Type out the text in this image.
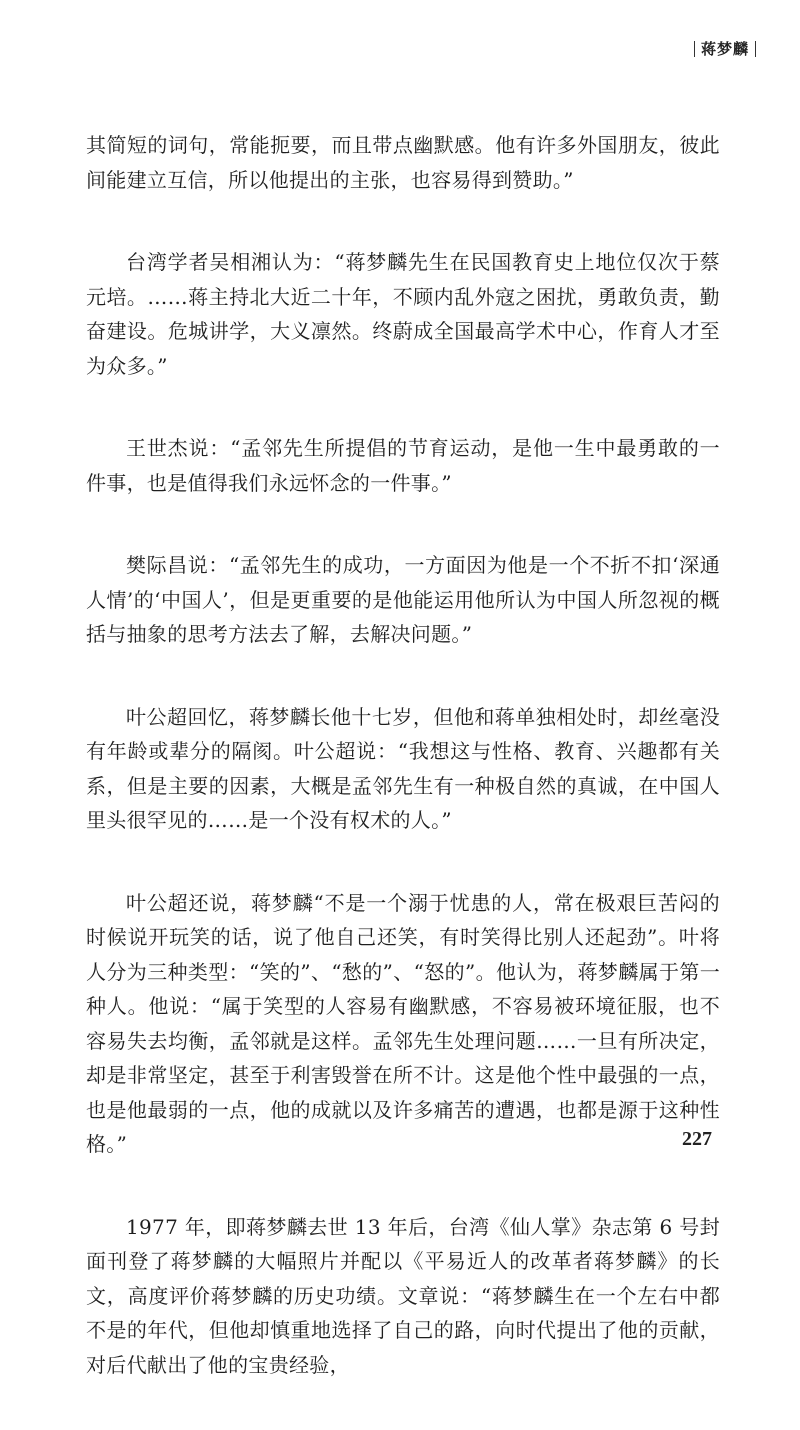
蒋梦麟

其简短的词句，常能扼要，而且带点幽默感。他有许多外国朋友，彼此间能建立互信，所以他提出的主张，也容易得到赞助。”

台湾学者吴相湘认为：“蒋梦麟先生在民国教育史上地位仅次于蔡元培。……蒋主持北大近二十年，不顾内乱外寇之困扰，勇敢负责，勤奋建设。危城讲学，大义凛然。终蔚成全国最高学术中心，作育人才至为众多。”

王世杰说：“孟邻先生所提倡的节育运动，是他一生中最勇敢的一件事，也是值得我们永远怀念的一件事。”

樊际昌说：“孟邻先生的成功，一方面因为他是一个不折不扣‘深通人情’的‘中国人’，但是更重要的是他能运用他所认为中国人所忽视的概括与抽象的思考方法去了解，去解决问题。”

叶公超回忆，蒋梦麟长他十七岁，但他和蒋单独相处时，却丝毫没有年龄或辈分的隔阂。叶公超说：“我想这与性格、教育、兴趣都有关系，但是主要的因素，大概是孟邻先生有一种极自然的真诚，在中国人里头很罕见的……是一个没有权术的人。”

叶公超还说，蒋梦麟“不是一个溺于忧患的人，常在极艰巨苦闷的时候说开玩笑的话，说了他自己还笑，有时笑得比别人还起劲”。叶将人分为三种类型：“笑的”、“愁的”、“怒的”。他认为，蒋梦麟属于第一种人。他说：“属于笑型的人容易有幽默感，不容易被环境征服，也不容易失去均衡，孟邻就是这样。孟邻先生处理问题……一旦有所决定，却是非常坚定，甚至于利害毁誉在所不计。这是他个性中最强的一点，也是他最弱的一点，他的成就以及许多痛苦的遭遇，也都是源于这种性格。”

1977 年，即蒋梦麟去世 13 年后，台湾《仙人掌》杂志第 6 号封面刊登了蒋梦麟的大幅照片并配以《平易近人的改革者蒋梦麟》的长文，高度评价蒋梦麟的历史功绩。文章说：“蒋梦麟生在一个左右中都不是的年代，但他却慎重地选择了自己的路，向时代提出了他的贡献，对后代献出了他的宝贵经验，

227
